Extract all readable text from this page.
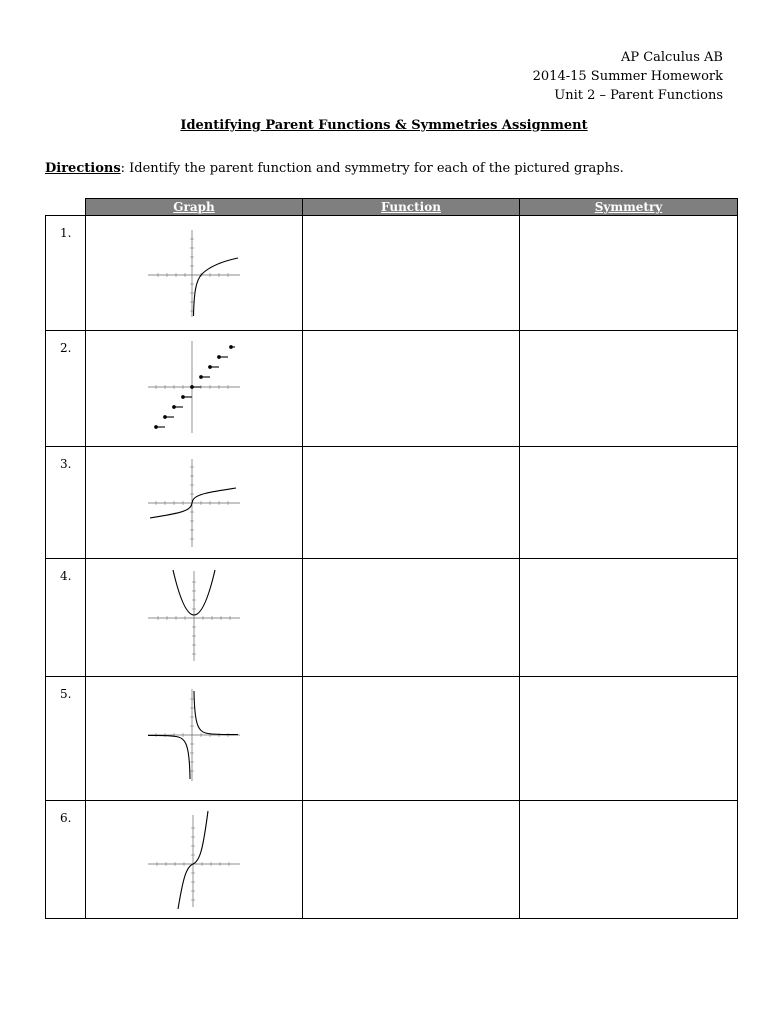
AP Calculus AB
2014-15 Summer Homework
Unit 2 – Parent Functions
Identifying Parent Functions & Symmetries Assignment
Directions: Identify the parent function and symmetry for each of the pictured graphs.
	Graph	Function	Symmetry
1.	

2.	

3.	

4.	

5.	

6.	
